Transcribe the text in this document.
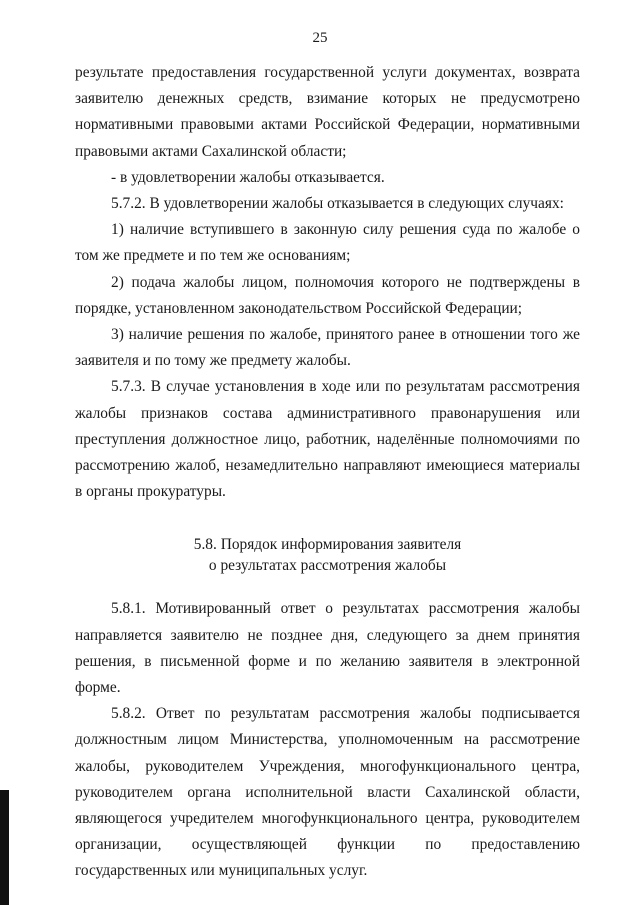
25

результате предоставления государственной услуги документах, возврата заявителю денежных средств, взимание которых не предусмотрено нормативными правовыми актами Российской Федерации, нормативными правовыми актами Сахалинской области;

- в удовлетворении жалобы отказывается.

5.7.2. В удовлетворении жалобы отказывается в следующих случаях:

1) наличие вступившего в законную силу решения суда по жалобе о том же предмете и по тем же основаниям;

2) подача жалобы лицом, полномочия которого не подтверждены в порядке, установленном законодательством Российской Федерации;

3) наличие решения по жалобе, принятого ранее в отношении того же заявителя и по тому же предмету жалобы.

5.7.3. В случае установления в ходе или по результатам рассмотрения жалобы признаков состава административного правонарушения или преступления должностное лицо, работник, наделённые полномочиями по рассмотрению жалоб, незамедлительно направляют имеющиеся материалы в органы прокуратуры.

5.8. Порядок информирования заявителя
о результатах рассмотрения жалобы

5.8.1. Мотивированный ответ о результатах рассмотрения жалобы направляется заявителю не позднее дня, следующего за днем принятия решения, в письменной форме и по желанию заявителя в электронной форме.

5.8.2. Ответ по результатам рассмотрения жалобы подписывается должностным лицом Министерства, уполномоченным на рассмотрение жалобы, руководителем Учреждения, многофункционального центра, руководителем органа исполнительной власти Сахалинской области, являющегося учредителем многофункционального центра, руководителем организации, осуществляющей функции по предоставлению государственных или муниципальных услуг.
